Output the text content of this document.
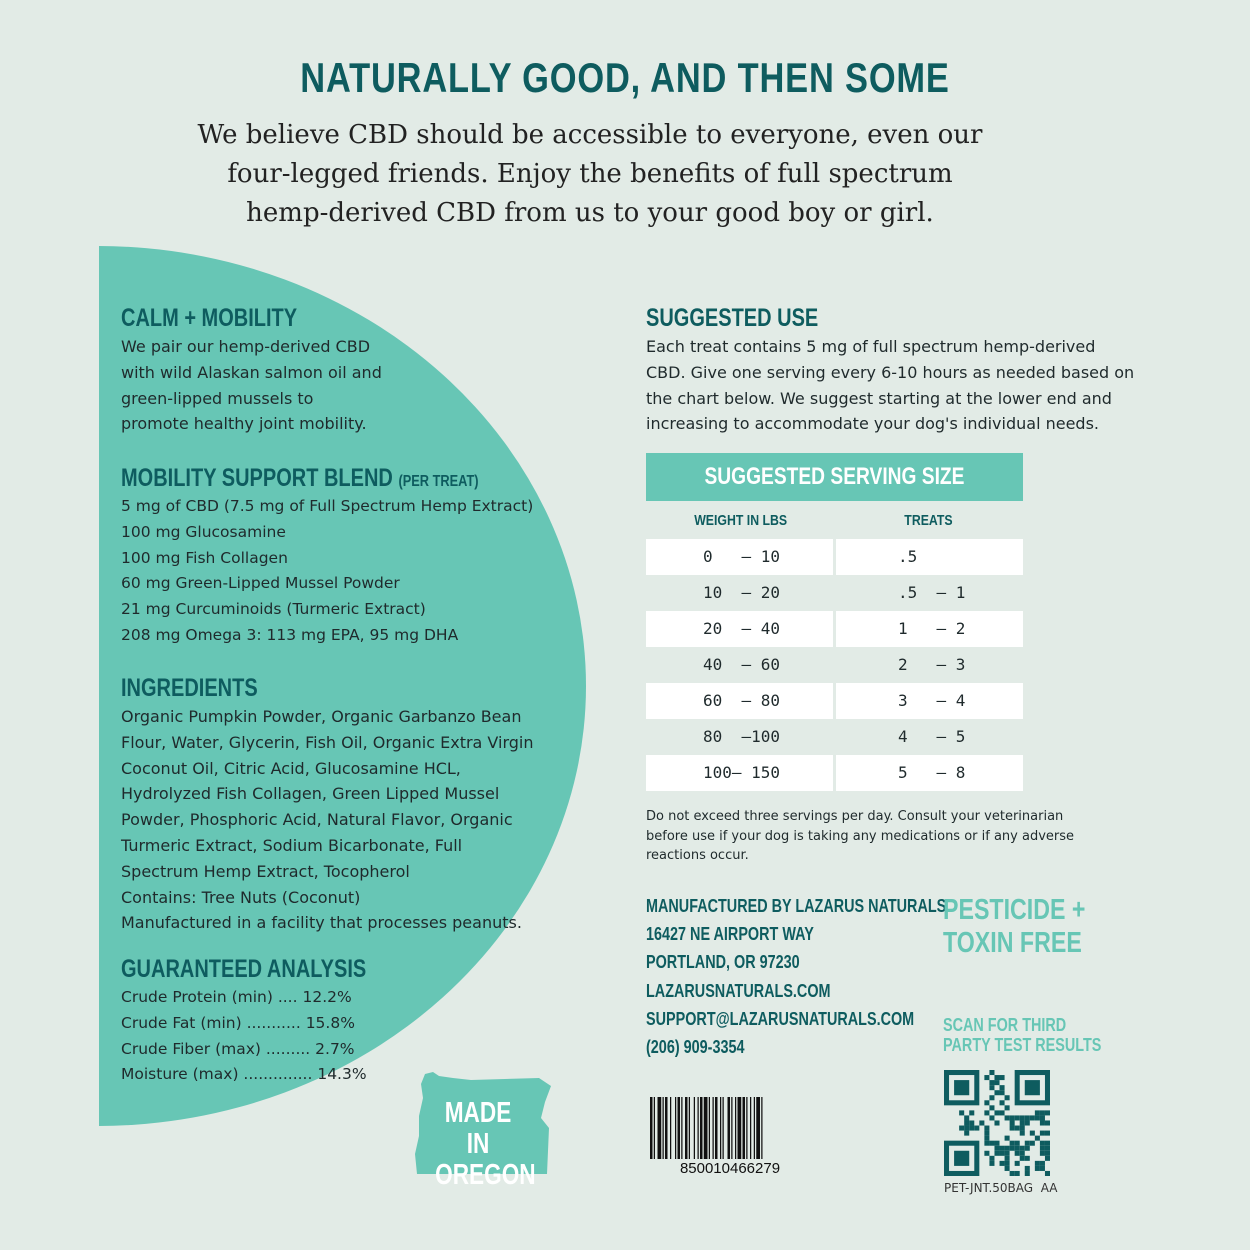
NATURALLY GOOD, AND THEN SOME
We believe CBD should be accessible to everyone, even our
four-legged friends. Enjoy the benefits of full spectrum
hemp-derived CBD from us to your good boy or girl.
CALM + MOBILITY
We pair our hemp-derived CBD
with wild Alaskan salmon oil and
green-lipped mussels to
promote healthy joint mobility.
MOBILITY SUPPORT BLEND (PER TREAT)
5 mg of CBD (7.5 mg of Full Spectrum Hemp Extract)
100 mg Glucosamine
100 mg Fish Collagen
60 mg Green-Lipped Mussel Powder
21 mg Curcuminoids (Turmeric Extract)
208 mg Omega 3: 113 mg EPA, 95 mg DHA
INGREDIENTS
Organic Pumpkin Powder, Organic Garbanzo Bean
Flour, Water, Glycerin, Fish Oil, Organic Extra Virgin
Coconut Oil, Citric Acid, Glucosamine HCL,
Hydrolyzed Fish Collagen, Green Lipped Mussel
Powder, Phosphoric Acid, Natural Flavor, Organic
Turmeric Extract, Sodium Bicarbonate, Full
Spectrum Hemp Extract, Tocopherol
Contains: Tree Nuts (Coconut)
Manufactured in a facility that processes peanuts.
GUARANTEED ANALYSIS
Crude Protein (min) .... 12.2%
Crude Fat (min) ........... 15.8%
Crude Fiber (max) ......... 2.7%
Moisture (max) .............. 14.3%
MADE IN
OREGON
SUGGESTED USE
Each treat contains 5 mg of full spectrum hemp-derived
CBD. Give one serving every 6-10 hours as needed based on
the chart below. We suggest starting at the lower end and
increasing to accommodate your dog's individual needs.
SUGGESTED SERVING SIZE
WEIGHT IN LBS	TREATS
0   – 10	.5
10  – 20	.5  – 1
20  – 40	1   – 2
40  – 60	2   – 3
60  – 80	3   – 4
80  –100	4   – 5
100– 150	5   – 8
Do not exceed three servings per day. Consult your veterinarian
before use if your dog is taking any medications or if any adverse
reactions occur.
MANUFACTURED BY LAZARUS NATURALS
16427 NE AIRPORT WAY
PORTLAND, OR 97230
LAZARUSNATURALS.COM
SUPPORT@LAZARUSNATURALS.COM
(206) 909-3354
PESTICIDE +
TOXIN FREE
SCAN FOR THIRD
PARTY TEST RESULTS
PET-JNT.50BAG  AA
850010466279
